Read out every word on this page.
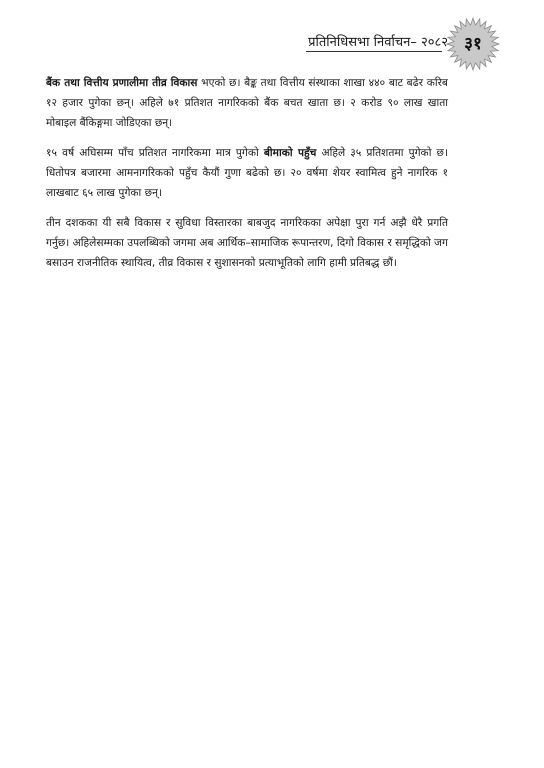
प्रतिनिधिसभा निर्वाचन– २०८२ ३१

बैंक तथा वित्तीय प्रणालीमा तीव्र विकास भएको छ। बैङ्क तथा वित्तीय संस्थाका शाखा ४४० बाट बढेर करिब १२ हजार पुगेका छन्। अहिले ७१ प्रतिशत नागरिकको बैंक बचत खाता छ। २ करोड ९० लाख खाता मोबाइल बैंकिङ्गमा जोडिएका छन्।

१५ वर्ष अघिसम्म पाँच प्रतिशत नागरिकमा मात्र पुगेको बीमाको पहुँच अहिले ३५ प्रतिशतमा पुगेको छ। धितोपत्र बजारमा आमनागरिकको पहुँच कैयौं गुणा बढेको छ। २० वर्षमा शेयर स्वामित्व हुने नागरिक १ लाखबाट ६५ लाख पुगेका छन्।

तीन दशकका यी सबै विकास र सुविधा विस्तारका बाबजुद नागरिकका अपेक्षा पुरा गर्न अझै धेरै प्रगति गर्नुछ। अहिलेसम्मका उपलब्धिको जगमा अब आर्थिक–सामाजिक रूपान्तरण, दिगो विकास र समृद्धिको जग बसाउन राजनीतिक स्थायित्व, तीव्र विकास र सुशासनको प्रत्याभूतिको लागि हामी प्रतिबद्ध छौं।
